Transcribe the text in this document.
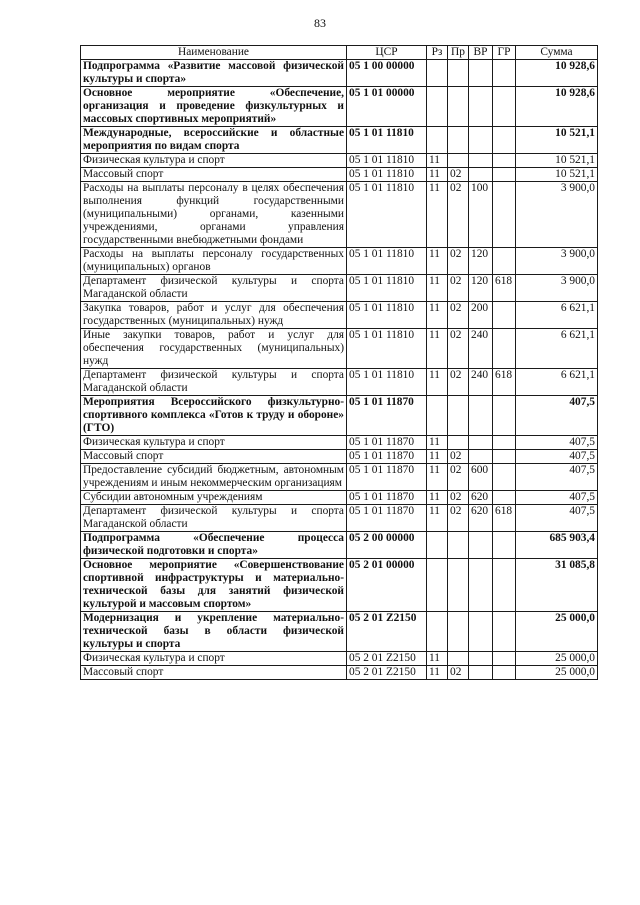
83
Наименование	ЦСР	Рз	Пр	ВР	ГР	Сумма
Подпрограмма «Развитие массовой физической культуры и спорта»	05 1 00 00000					10 928,6
Основное мероприятие «Обеспечение, организация и проведение физкультурных и массовых спортивных мероприятий»	05 1 01 00000					10 928,6
Международные, всероссийские и областные мероприятия по видам спорта	05 1 01 11810					10 521,1
Физическая культура и спорт	05 1 01 11810	11				10 521,1
Массовый спорт	05 1 01 11810	11	02			10 521,1
Расходы на выплаты персоналу в целях обеспечения выполнения функций государственными (муниципальными) органами, казенными учреждениями, органами управления государственными внебюджетными фондами	05 1 01 11810	11	02	100		3 900,0
Расходы на выплаты персоналу государственных (муниципальных) органов	05 1 01 11810	11	02	120		3 900,0
Департамент физической культуры и спорта Магаданской области	05 1 01 11810	11	02	120	618	3 900,0
Закупка товаров, работ и услуг для обеспечения государственных (муниципальных) нужд	05 1 01 11810	11	02	200		6 621,1
Иные закупки товаров, работ и услуг для обеспечения государственных (муниципальных) нужд	05 1 01 11810	11	02	240		6 621,1
Департамент физической культуры и спорта Магаданской области	05 1 01 11810	11	02	240	618	6 621,1
Мероприятия Всероссийского физкультурно-спортивного комплекса «Готов к труду и обороне» (ГТО)	05 1 01 11870					407,5
Физическая культура и спорт	05 1 01 11870	11				407,5
Массовый спорт	05 1 01 11870	11	02			407,5
Предоставление субсидий бюджетным, автономным учреждениям и иным некоммерческим организациям	05 1 01 11870	11	02	600		407,5
Субсидии автономным учреждениям	05 1 01 11870	11	02	620		407,5
Департамент физической культуры и спорта Магаданской области	05 1 01 11870	11	02	620	618	407,5
Подпрограмма «Обеспечение процесса физической подготовки и спорта»	05 2 00 00000					685 903,4
Основное мероприятие «Совершенствование спортивной инфраструктуры и материально-технической базы для занятий физической культурой и массовым спортом»	05 2 01 00000					31 085,8
Модернизация и укрепление материально-технической базы в области физической культуры и спорта	05 2 01 Z2150					25 000,0
Физическая культура и спорт	05 2 01 Z2150	11				25 000,0
Массовый спорт	05 2 01 Z2150	11	02			25 000,0
